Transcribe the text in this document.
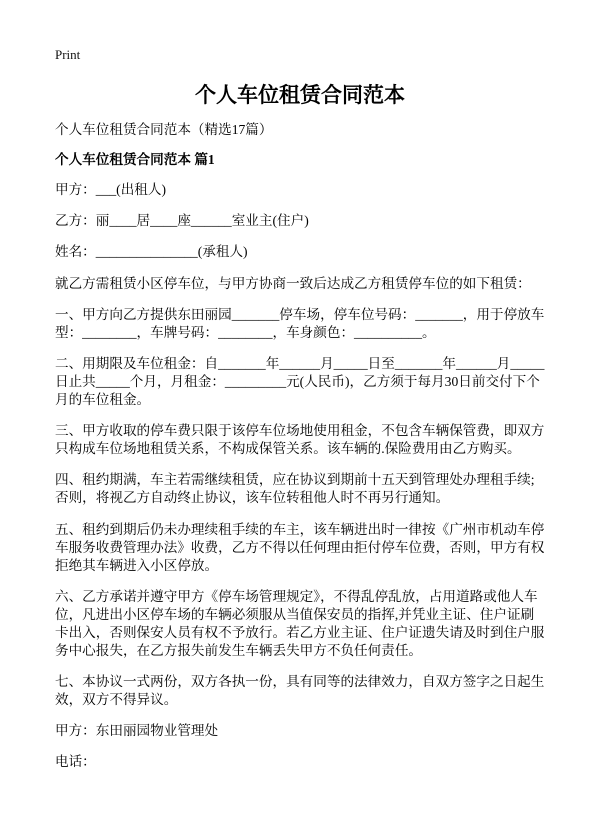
Print
个人车位租赁合同范本
个人车位租赁合同范本（精选17篇）
个人车位租赁合同范本 篇1
甲方：___(出租人)
乙方：丽____居____座______室业主(住户)
姓名：_______________(承租人)
就乙方需租赁小区停车位，与甲方协商一致后达成乙方租赁停车位的如下租赁：
一、甲方向乙方提供东田丽园_______停车场，停车位号码：_______，用于停放车
型：________，车牌号码：________，车身颜色：__________。
二、用期限及车位租金：自_______年______月_____日至_______年______月_____
日止共_____个月，月租金：_________元(人民币)，乙方须于每月30日前交付下个
月的车位租金。
三、甲方收取的停车费只限于该停车位场地使用租金，不包含车辆保管费，即双方
只构成车位场地租赁关系，不构成保管关系。该车辆的.保险费用由乙方购买。
四、租约期满，车主若需继续租赁，应在协议到期前十五天到管理处办理租手续;
否则，将视乙方自动终止协议，该车位转租他人时不再另行通知。
五、租约到期后仍未办理续租手续的车主，该车辆进出时一律按《广州市机动车停
车服务收费管理办法》收费，乙方不得以任何理由拒付停车位费，否则，甲方有权
拒绝其车辆进入小区停放。
六、乙方承诺并遵守甲方《停车场管理规定》，不得乱停乱放，占用道路或他人车
位，凡进出小区停车场的车辆必须服从当值保安员的指挥,并凭业主证、住户证刷
卡出入，否则保安人员有权不予放行。若乙方业主证、住户证遗失请及时到住户服
务中心报失，在乙方报失前发生车辆丢失甲方不负任何责任。
七、本协议一式两份，双方各执一份，具有同等的法律效力，自双方签字之日起生
效，双方不得异议。
甲方：东田丽园物业管理处
电话：
